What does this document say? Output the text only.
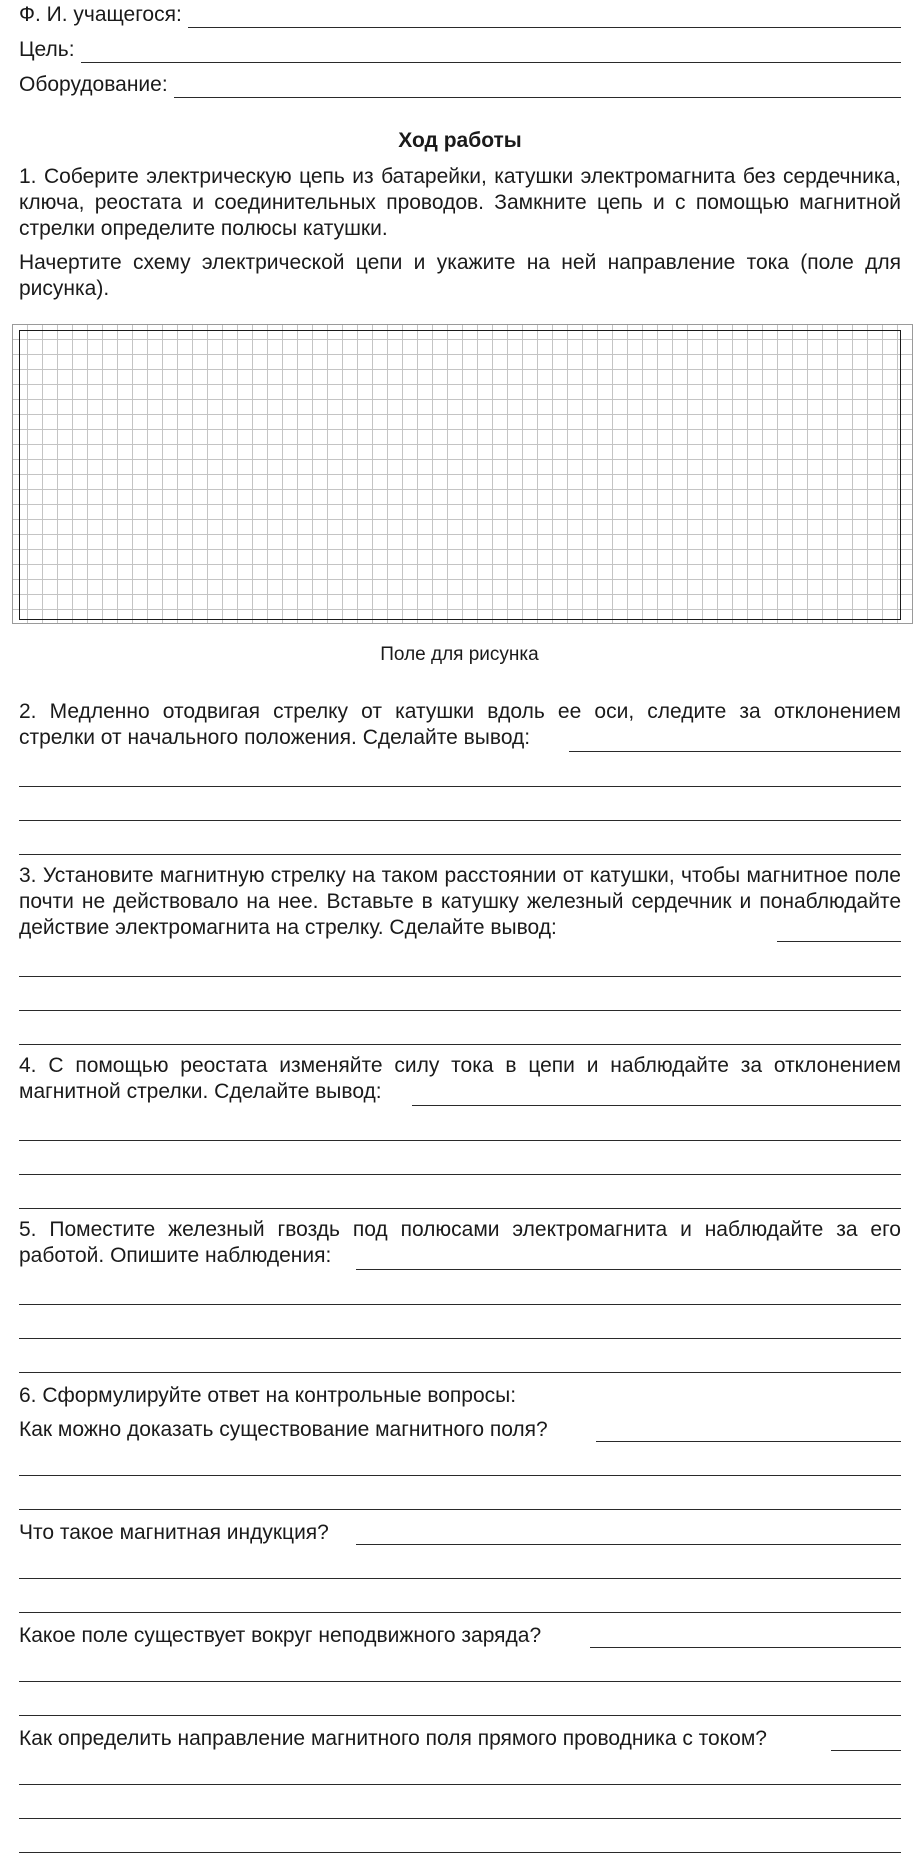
Ф. И. учащегося:
Цель:
Оборудование:
Ход работы
1. Соберите электрическую цепь из батарейки, катушки электромагнита без сердечника, ключа, реостата и соединительных проводов. Замкните цепь и с помощью магнитной стрелки определите полюсы катушки.
Начертите схему электрической цепи и укажите на ней направление тока (поле для рисунка).
Поле для рисунка
2. Медленно отодвигая стрелку от катушки вдоль ее оси, следите за отклонением стрелки от начального положения. Сделайте вывод:
3. Установите магнитную стрелку на таком расстоянии от катушки, чтобы магнитное поле почти не действовало на нее. Вставьте в катушку железный сердечник и понаблюдайте действие электромагнита на стрелку. Сделайте вывод:
4. С помощью реостата изменяйте силу тока в цепи и наблюдайте за отклонением магнитной стрелки. Сделайте вывод:
5. Поместите железный гвоздь под полюсами электромагнита и наблюдайте за его работой. Опишите наблюдения:
6. Сформулируйте ответ на контрольные вопросы:
Как можно доказать существование магнитного поля?
Что такое магнитная индукция?
Какое поле существует вокруг неподвижного заряда?
Как определить направление магнитного поля прямого проводника с током?
